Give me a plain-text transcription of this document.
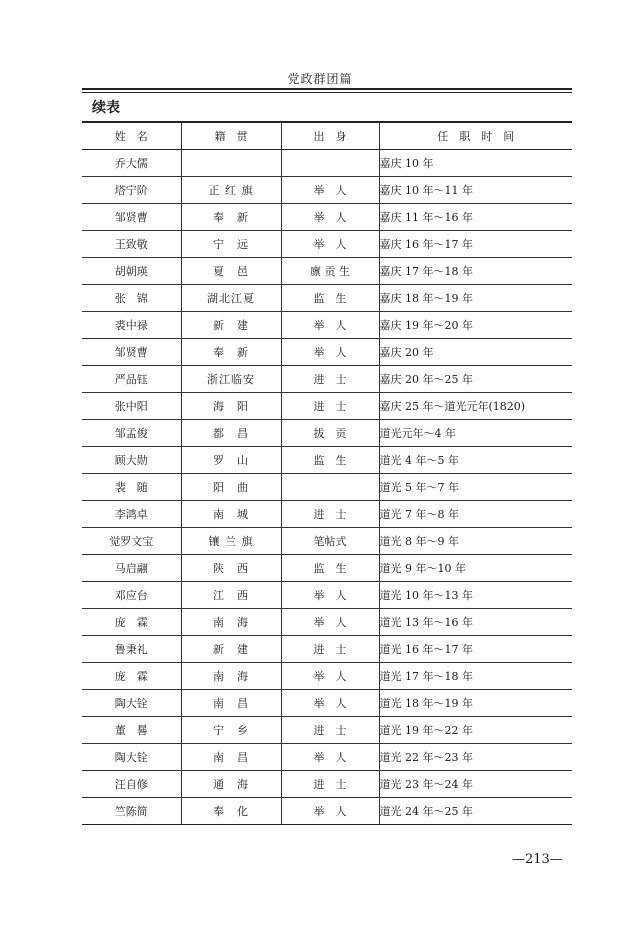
党政群团篇
续表
姓　名	籍　贯	出　身	任　职　时　间
乔大儒			嘉庆 10 年
塔宁阶	正 红 旗	举　人	嘉庆 10 年～11 年
邹贤曹	奉　新	举　人	嘉庆 11 年～16 年
王致敬	宁　远	举　人	嘉庆 16 年～17 年
胡朝瑛	夏　邑	廪 贡 生	嘉庆 17 年～18 年
张　锦	湖北江夏	监　生	嘉庆 18 年～19 年
裘中禄	新　建	举　人	嘉庆 19 年～20 年
邹贤曹	奉　新	举　人	嘉庆 20 年
严品钰	浙江临安	进　士	嘉庆 20 年～25 年
张中阳	海　阳	进　士	嘉庆 25 年～道光元年(1820)
邹孟俊	都　昌	拔　贡	道光元年～4 年
顾大勋	罗　山	监　生	道光 4 年～5 年
裴　随	阳　曲		道光 5 年～7 年
李鸿卓	南　城	进　士	道光 7 年～8 年
觉罗文宝	镶 兰 旗	笔帖式	道光 8 年～9 年
马启翮	陕　西	监　生	道光 9 年～10 年
邓应台	江　西	举　人	道光 10 年～13 年
庞　霖	南　海	举　人	道光 13 年～16 年
鲁秉礼	新　建	进　士	道光 16 年～17 年
庞　霖	南　海	举　人	道光 17 年～18 年
陶大铨	南　昌	举　人	道光 18 年～19 年
董　晷	宁　乡	进　士	道光 19 年～22 年
陶大铨	南　昌	举　人	道光 22 年～23 年
汪自修	通　海	进　士	道光 23 年～24 年
竺陈简	奉　化	举　人	道光 24 年～25 年
—213—
